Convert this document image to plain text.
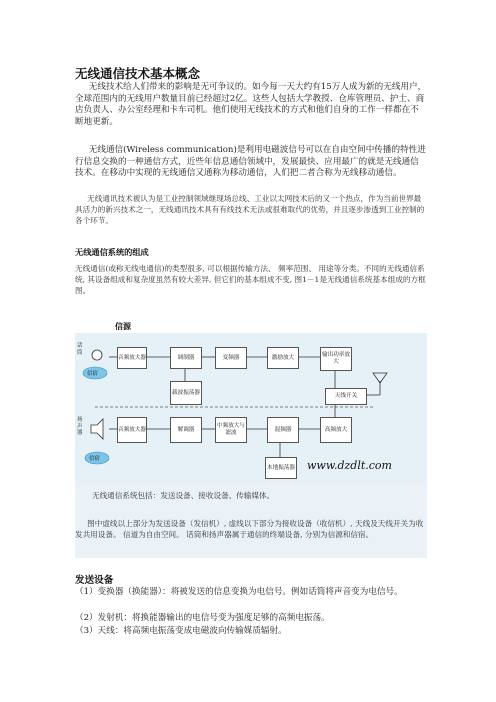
无线通信技术基本概念
无线技术给人们带来的影响是无可争议的。如今每一天大约有15万人成为新的无线用户，全球范围内的无线用户数量目前已经超过2亿。这些人包括大学教授、仓库管理员、护士、商店负责人、办公室经理和卡车司机。他们使用无线技术的方式和他们自身的工作一样都在不断地更新。
无线通信(Wireless communication)是利用电磁波信号可以在自由空间中传播的特性进行信息交换的一种通信方式，近些年信息通信领域中，发展最快、应用最广的就是无线通信技术。在移动中实现的无线通信又通称为移动通信，人们把二者合称为无线移动通信。
无线通讯技术被认为是工业控制领域继现场总线、工业以太网技术后的又一个热点，作为当前世界最具活力的新兴技术之一，无线通讯技术具有有线技术无法或很难取代的优势，并且逐步渗透到工业控制的各个环节。
无线通信系统的组成
无线通信(或称无线电通信)的类型很多, 可以根据传输方法、 频率范围、 用途等分类。不同的无线通信系统, 其设备组成和复杂度虽然有较大差异, 但它们的基本组成不变, 图1－1是无线通信系统基本组成的方框图。
信源
信宿
信宿
话筒
扬声器
音频放大器	调制器	变频器	激励放大	输出功率放大
载波振荡器
天线开关
音频放大器	解调器
中频放大与滤波
混频器	高频放大
本地振荡器 www.dzdlt.com
无线通信系统包括：发送设备、接收设备、传输媒体。
图中虚线以上部分为发送设备（发信机）, 虚线以下部分为接收设备（收信机）, 天线及天线开关为收发共用设备。 信道为自由空间。 话筒和扬声器属于通信的终端设备, 分别为信源和信宿。
发送设备
（1）变换器（换能器）：将被发送的信息变换为电信号。例如话筒将声音变为电信号。
（2）发射机：将换能器输出的电信号变为强度足够的高频电振荡。
（3）天线：将高频电振荡变成电磁波向传输媒质辐射。
